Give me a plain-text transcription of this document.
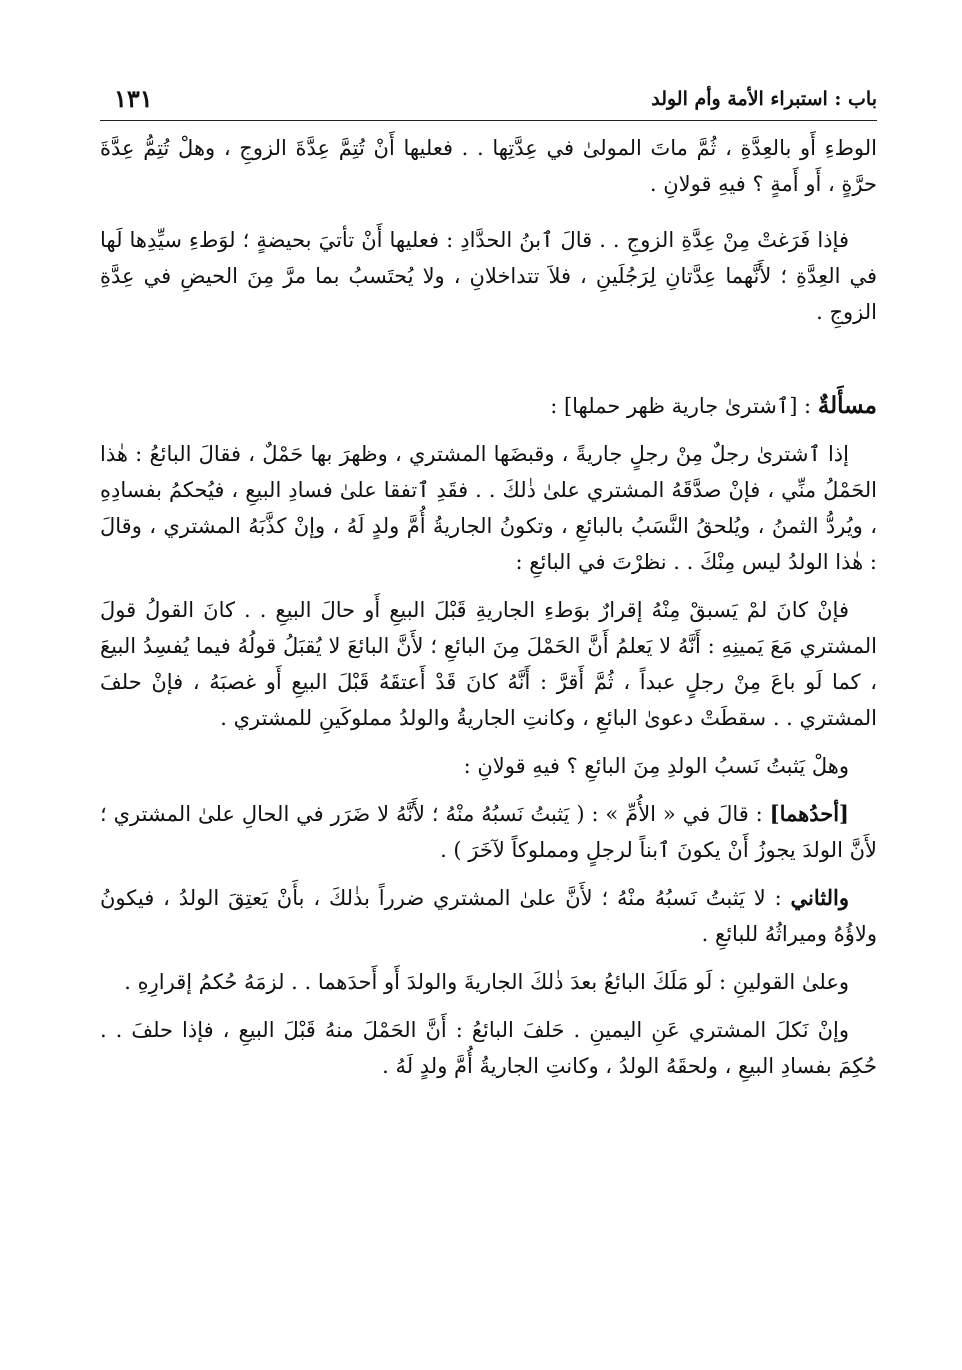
باب : استبراء الأمة وأم الولد
١٣١

الوطءِ أَو بالعِدَّةِ ، ثُمَّ ماتَ المولىٰ في عِدَّتِها . . فعليها أَنْ تُتِمَّ عِدَّةَ الزوجِ ، وهلْ تُتِمُّ عِدَّةَ حرَّةٍ ، أَو أَمةٍ ؟ فيهِ قولانِ .

فإذا فَرَغتْ مِنْ عِدَّةِ الزوجِ . . قالَ ٱبنُ الحدَّادِ : فعليها أَنْ تأتيَ بحيضةٍ ؛ لوَطءِ سيِّدِها لَها في العِدَّةِ ؛ لأَنَّهما عِدَّتانِ لِرَجُلَينِ ، فلاَ تتداخلانِ ، ولا يُحتَسبُ بما مرَّ مِنَ الحيضِ في عِدَّةِ الزوجِ .

مسأَلةٌ : [ٱشترىٰ جارية ظهر حملها] :

إذا ٱشترىٰ رجلٌ مِنْ رجلٍ جاريةً ، وقبضَها المشتري ، وظهرَ بها حَمْلٌ ، فقالَ البائعُ : هٰذا الحَمْلُ منِّي ، فإنْ صدَّقَهُ المشتري علىٰ ذٰلكَ . . فقَدِ ٱتفقا علىٰ فسادِ البيعِ ، فيُحكمُ بفسادِهِ ، ويُردُّ الثمنُ ، ويُلحقُ النَّسَبُ بالبائعِ ، وتكونُ الجاريةُ أُمَّ ولدٍ لَهُ ، وإنْ كذَّبَهُ المشتري ، وقالَ : هٰذا الولدُ ليس مِنْكَ . . نظرْتَ في البائعِ :

فإنْ كانَ لمْ يَسبقْ مِنْهُ إقرارٌ بوَطءِ الجاريةِ قَبْلَ البيعِ أَو حالَ البيعِ . . كانَ القولُ قولَ المشتري مَعَ يَمينِهِ : أَنَّهُ لا يَعلمُ أَنَّ الحَمْلَ مِنَ البائعِ ؛ لأَنَّ البائعَ لا يُقبَلُ قولُهُ فيما يُفسِدُ البيعَ ، كما لَو باعَ مِنْ رجلٍ عبداً ، ثُمَّ أَقرَّ : أَنَّهُ كانَ قَدْ أَعتقَهُ قَبْلَ البيعِ أَو غصبَهُ ، فإنْ حلفَ المشتري . . سقطَتْ دعوىٰ البائعِ ، وكانتِ الجاريةُ والولدُ مملوكَينِ للمشتري .

وهلْ يَثبتُ نَسبُ الولدِ مِنَ البائعِ ؟ فيهِ قولانِ :

[أحدُهما] : قالَ في « الأُمِّ » : ( يَثبتُ نَسبُهُ منْهُ ؛ لأَنَّهُ لا ضَرَر في الحالِ علىٰ المشتري ؛ لأَنَّ الولدَ يجوزُ أَنْ يكونَ ٱبناً لرجلٍ ومملوكاً لآخَرَ ) .

والثاني : لا يَثبتُ نَسبُهُ منْهُ ؛ لأَنَّ علىٰ المشتري ضرراً بذٰلكَ ، بأَنْ يَعتِقَ الولدُ ، فيكونُ ولاؤُهُ وميراثُهُ للبائعِ .

وعلىٰ القولينِ : لَو مَلَكَ البائعُ بعدَ ذٰلكَ الجاريةَ والولدَ أَو أَحدَهما . . لزمَهُ حُكمُ إقرارِهِ .

وإنْ نَكلَ المشتري عَنِ اليمينِ . حَلفَ البائعُ : أَنَّ الحَمْلَ منهُ قَبْلَ البيعِ ، فإذا حلفَ . . حُكِمَ بفسادِ البيعِ ، ولحقَهُ الولدُ ، وكانتِ الجاريةُ أُمَّ ولدٍ لَهُ .
